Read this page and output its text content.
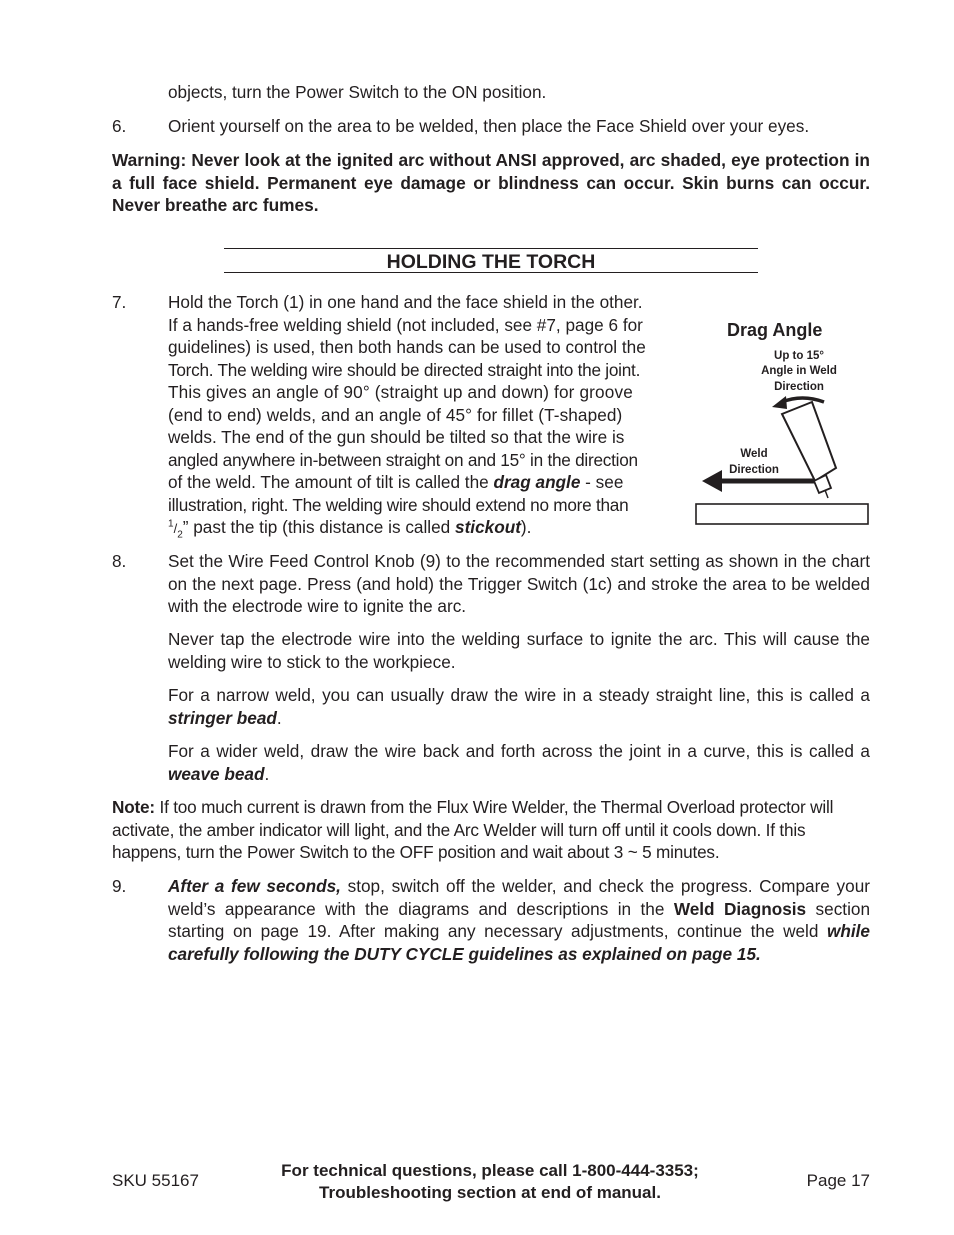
objects, turn the Power Switch to the ON position.
6. Orient yourself on the area to be welded, then place the Face Shield over your eyes.
Warning: Never look at the ignited arc without ANSI approved, arc shaded, eye protection in a full face shield. Permanent eye damage or blindness can occur. Skin burns can occur. Never breathe arc fumes.
HOLDING THE TORCH
7. Hold the Torch (1) in one hand and the face shield in the other.
If a hands-free welding shield (not included, see #7, page 6 for
guidelines) is used, then both hands can be used to control the
Torch. The welding wire should be directed straight into the joint.
This gives an angle of 90° (straight up and down) for groove
(end to end) welds, and an angle of 45° for fillet (T-shaped)
welds. The end of the gun should be tilted so that the wire is
angled anywhere in-between straight on and 15° in the direction
of the weld. The amount of tilt is called the drag angle - see
illustration, right. The welding wire should extend no more than
$^1/_2$” past the tip (this distance is called stickout).
Drag Angle
Up to 15°
Angle in Weld
Direction
Weld
Direction
8. Set the Wire Feed Control Knob (9) to the recommended start setting as shown in the chart on the next page. Press (and hold) the Trigger Switch (1c) and stroke the area to be welded with the electrode wire to ignite the arc.
Never tap the electrode wire into the welding surface to ignite the arc. This will cause the welding wire to stick to the workpiece.
For a narrow weld, you can usually draw the wire in a steady straight line, this is called a stringer bead.
For a wider weld, draw the wire back and forth across the joint in a curve, this is called a weave bead.
Note: If too much current is drawn from the Flux Wire Welder, the Thermal Overload protector will activate, the amber indicator will light, and the Arc Welder will turn off until it cools down. If this happens, turn the Power Switch to the OFF position and wait about 3 ~ 5 minutes.
9. After a few seconds, stop, switch off the welder, and check the progress. Compare your weld’s appearance with the diagrams and descriptions in the Weld Diagnosis section starting on page 19. After making any necessary adjustments, continue the weld while carefully following the DUTY CYCLE guidelines as explained on page 15.
SKU 55167
For technical questions, please call 1-800-444-3353;
Troubleshooting section at end of manual.
Page 17
